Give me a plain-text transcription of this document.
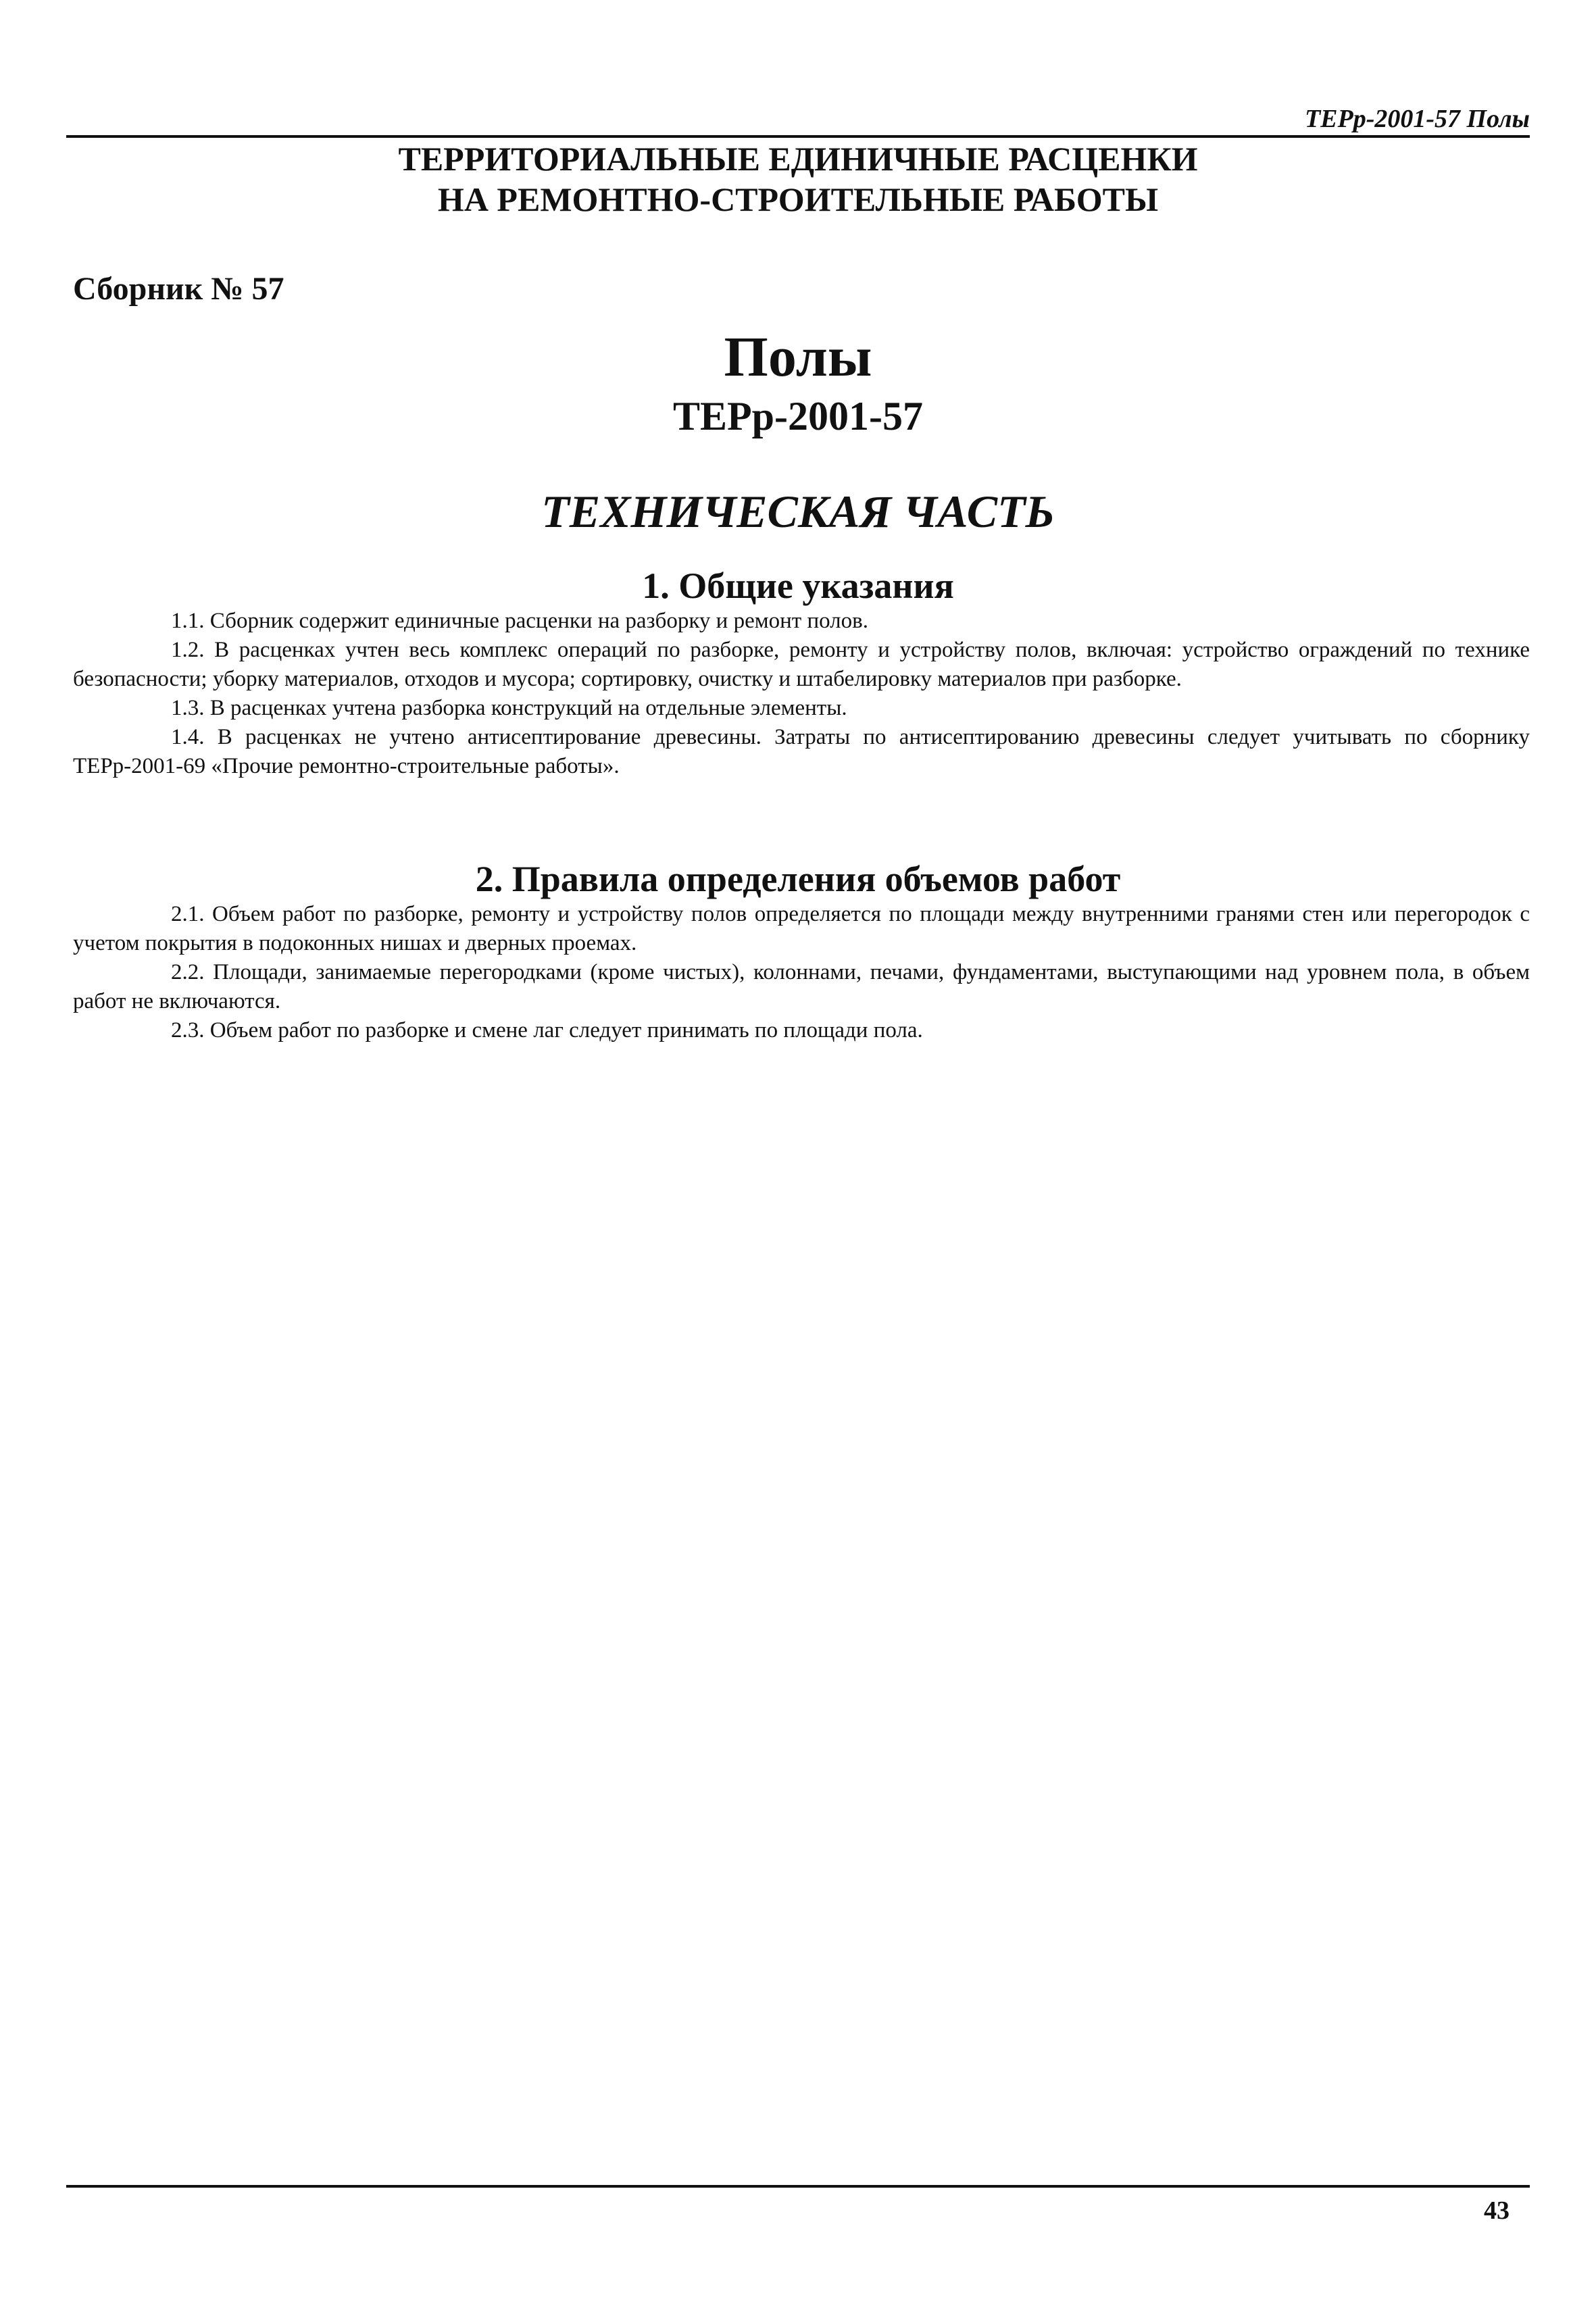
ТЕРр-2001-57 Полы
ТЕРРИТОРИАЛЬНЫЕ ЕДИНИЧНЫЕ РАСЦЕНКИ
НА РЕМОНТНО-СТРОИТЕЛЬНЫЕ РАБОТЫ
Сборник № 57
Полы
ТЕРр-2001-57
ТЕХНИЧЕСКАЯ ЧАСТЬ
1. Общие указания

1.1. Сборник содержит единичные расценки на разборку и ремонт полов.

1.2. В расценках учтен весь комплекс операций по разборке, ремонту и устройству полов, включая: устройство ограждений по технике безопасности; уборку материалов, отходов и мусора; сортировку, очистку и штабелировку материалов при разборке.

1.3. В расценках учтена разборка конструкций на отдельные элементы.

1.4. В расценках не учтено антисептирование древесины. Затраты по антисептированию древесины следует учитывать по сборнику ТЕРр-2001-69 «Прочие ремонтно-строительные работы».

2. Правила определения объемов работ

2.1. Объем работ по разборке, ремонту и устройству полов определяется по площади между внутренними гранями стен или перегородок с учетом покрытия в подоконных нишах и дверных проемах.

2.2. Площади, занимаемые перегородками (кроме чистых), колоннами, печами, фундаментами, выступающими над уровнем пола, в объем работ не включаются.

2.3. Объем работ по разборке и смене лаг следует принимать по площади пола.

43
